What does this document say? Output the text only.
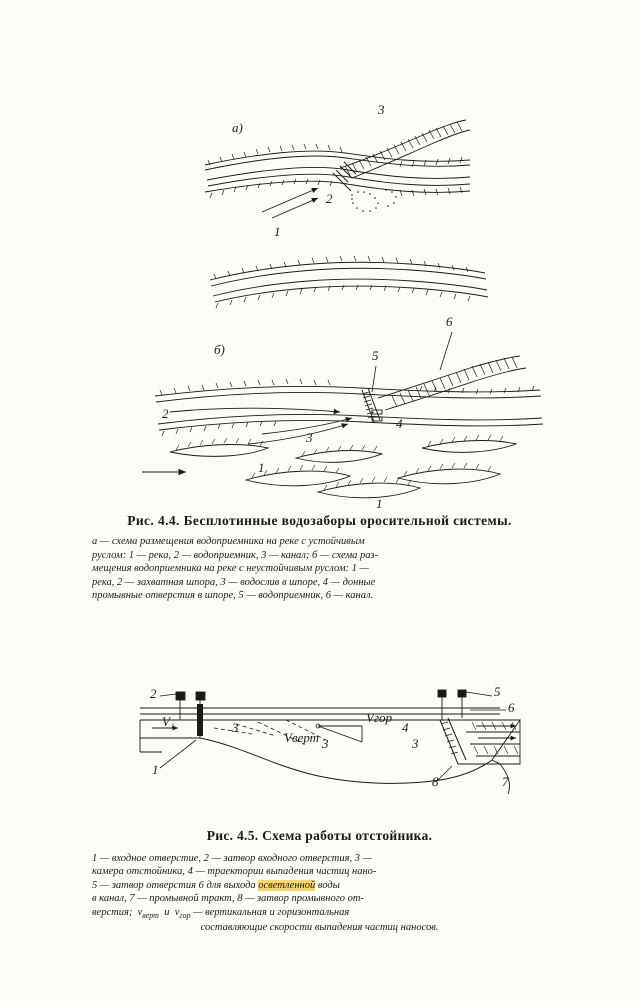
а)
3
2
1
б)
6
5
4
2
3
1
1
Рис. 4.4. Бесплотинные водозаборы оросительной системы.
а — схема размещения водоприемника на реке с устойчивым
руслом: 1 — река, 2 — водоприемник, 3 — канал; б — схема раз-
мещения водоприемника на реке с неустойчивым руслом: 1 —
река, 2 — захватная шпора, 3 — водослив в шпоре, 4 — донные
промывные отверстия в шпоре, 5 — водоприемник, 6 — канал.
2
1
V₁	3
Vгор
Vверт 3
4
3
5
6
8	7
Рис. 4.5. Схема работы отстойника.
1 — входное отверстие, 2 — затвор входного отверстия, 3 —
камера отстойника, 4 — траектории выпадения частиц нано-
5 — затвор отверстия 6 для выхода осветленной воды
в канал, 7 — промывной тракт, 8 — затвор промывного от-
верстия;  $v_{верт}$  и  $v_{гор}$ — вертикальная и горизонтальная

составляющие скорости выпадения частиц наносов.
